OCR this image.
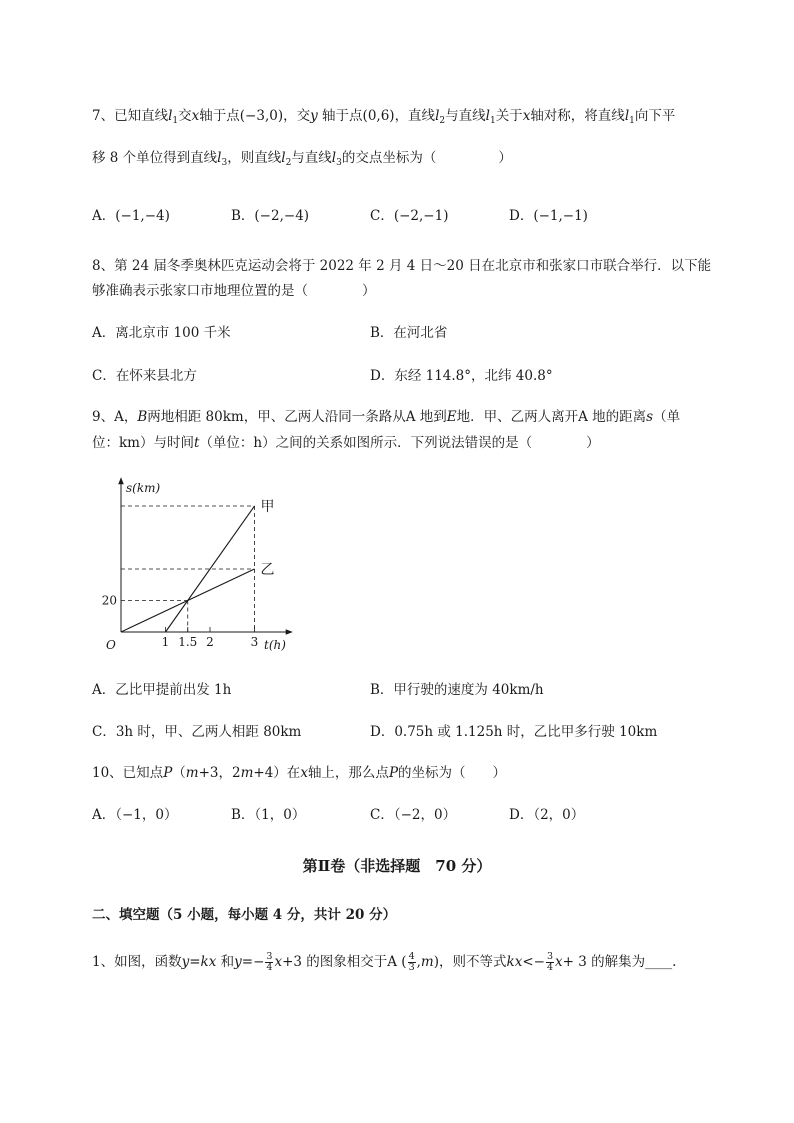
7、已知直线$l_1$交x轴于点(−3,0)，交y 轴于点(0,6)，直线$l_2$与直线$l_1$关于x轴对称，将直线$l_1$向下平
移 8 个单位得到直线$l_3$，则直线$l_2$与直线$l_3$的交点坐标为（	）
A．(−1,−4)	B．(−2,−4)	C．(−2,−1)	D．(−1,−1)
8、第 24 届冬季奥林匹克运动会将于 2022 年 2 月 4 日～20 日在北京市和张家口市联合举行．以下能
够准确表示张家口市地理位置的是（　　　　）
A．离北京市 100 千米	B．在河北省
C．在怀来县北方	D．东经 114.8°，北纬 40.8°
9、A，B两地相距 80km，甲、乙两人沿同一条路从A 地到E地．甲、乙两人离开A 地的距离s（单
位：km）与时间t（单位：h）之间的关系如图所示．下列说法错误的是（　　　　）
1 1.5 2	3
20
甲
乙
s(km)
t(h)
O
A．乙比甲提前出发 1h	B．甲行驶的速度为 40km/h
C．3h 时，甲、乙两人相距 80km	D．0.75h 或 1.125h 时，乙比甲多行驶 10km
10、已知点P（m+3，2m+4）在x轴上，那么点P的坐标为（　　）
A．（−1，0）	B．（1，0）	C．（−2，0）	D．（2，0）
第Ⅱ卷（非选择题　70 分）
二、填空题（5 小题，每小题 4 分，共计 20 分）
1、如图，函数y=kx 和$y=- \frac{3}{4} x+3$ 的图象相交于A ( $\frac{4}{3} ,m$)，则不等式$kx<- \frac{3}{4} x+ 3$ 的解集为____.
